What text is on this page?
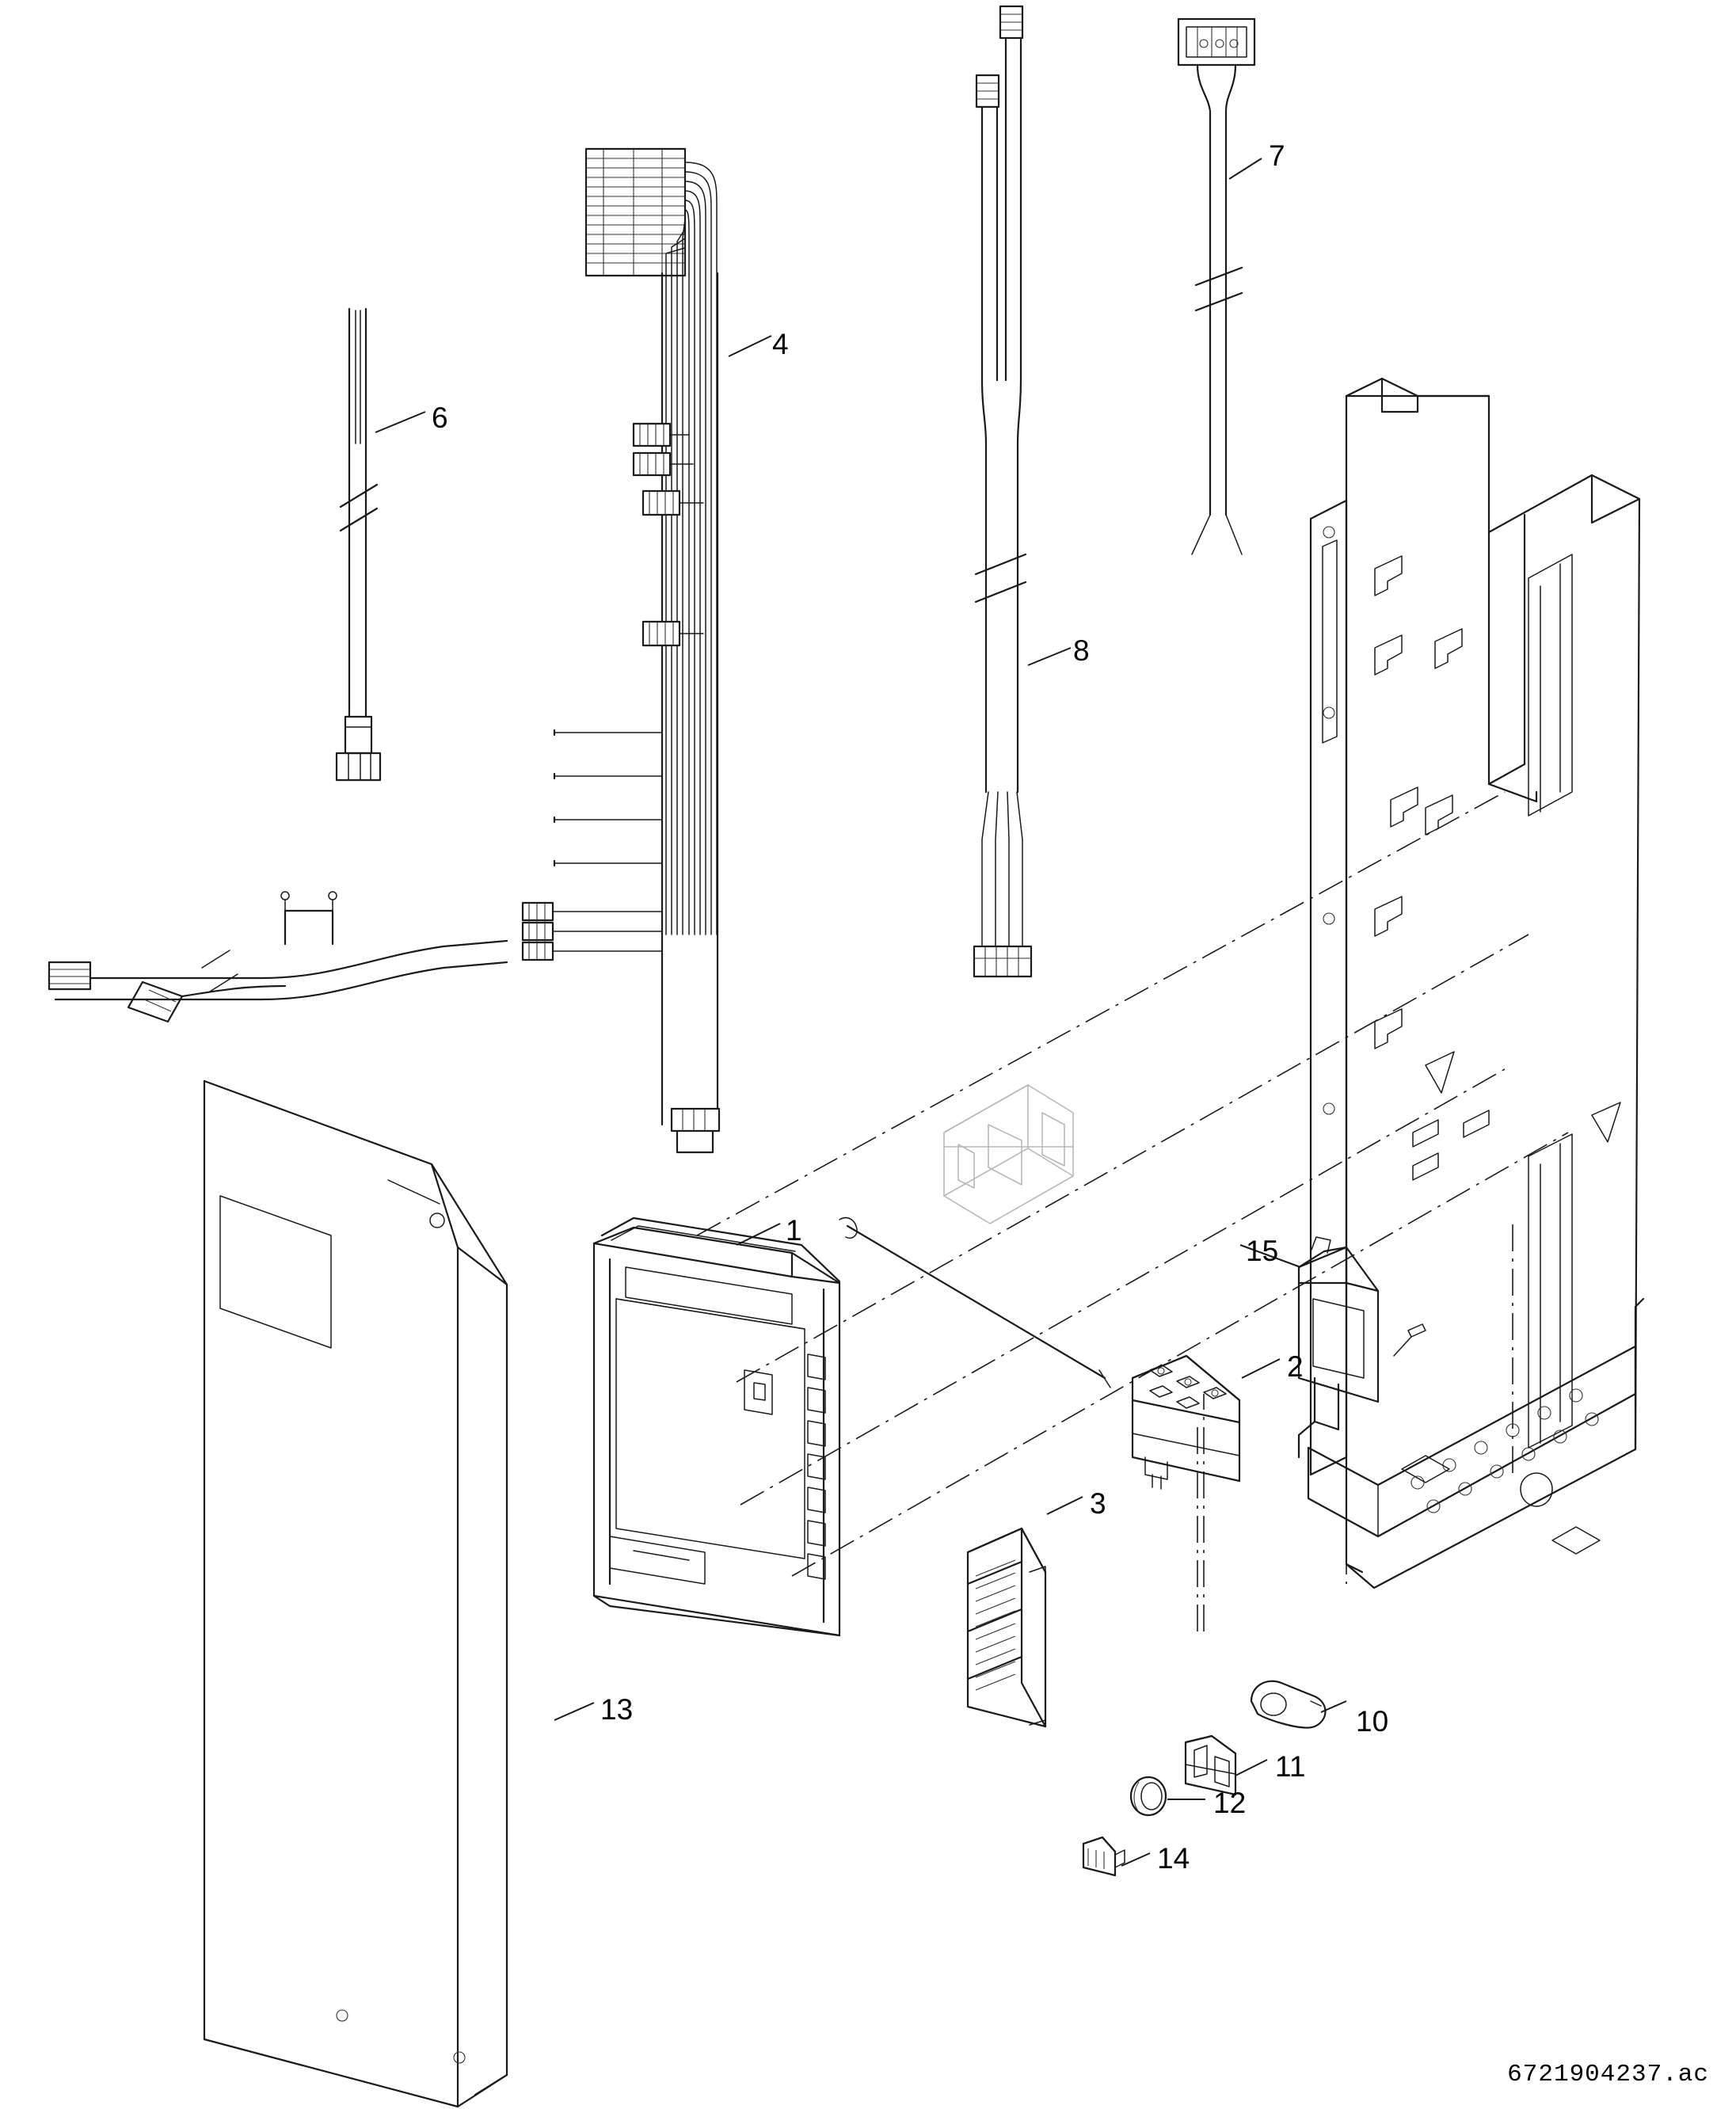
1
2
3
4
6
7
8
10
11
12
13
14
15
6721904237.ac
